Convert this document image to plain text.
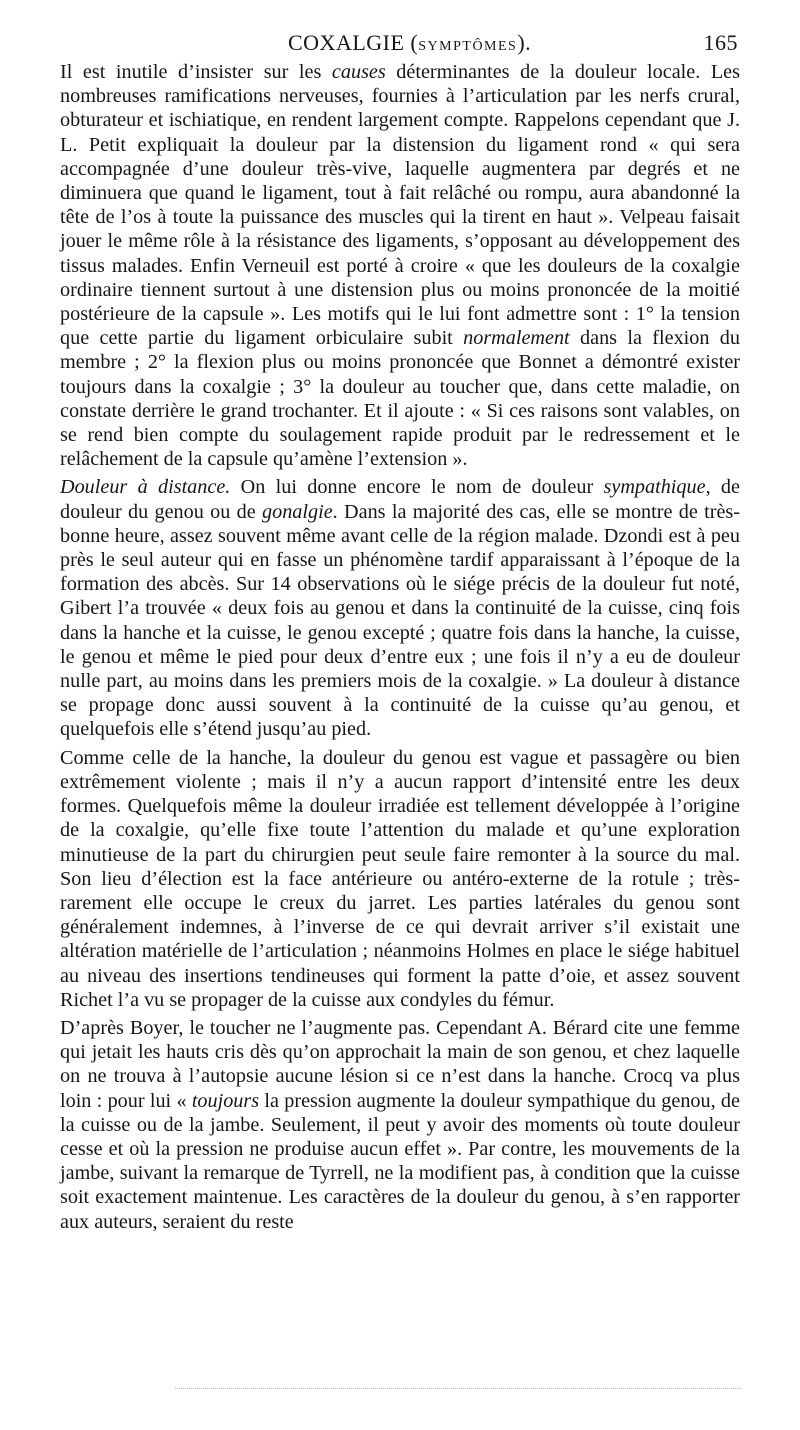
COXALGIE (SYMPTÔMES).	165

Il est inutile d’insister sur les causes déterminantes de la douleur locale. Les nombreuses ramifications nerveuses, fournies à l’articulation par les nerfs crural, obturateur et ischiatique, en rendent largement compte. Rappelons cependant que J. L. Petit expliquait la douleur par la distension du ligament rond « qui sera accompagnée d’une douleur très-vive, laquelle augmentera par degrés et ne diminuera que quand le ligament, tout à fait relâché ou rompu, aura abandonné la tête de l’os à toute la puissance des muscles qui la tirent en haut ». Velpeau faisait jouer le même rôle à la résistance des ligaments, s’opposant au développement des tissus malades. Enfin Verneuil est porté à croire « que les douleurs de la coxalgie ordinaire tiennent surtout à une distension plus ou moins prononcée de la moitié postérieure de la capsule ». Les motifs qui le lui font admettre sont : 1° la tension que cette partie du ligament orbiculaire subit normalement dans la flexion du membre ; 2° la flexion plus ou moins prononcée que Bonnet a démontré exister toujours dans la coxalgie ; 3° la douleur au toucher que, dans cette maladie, on constate derrière le grand trochanter. Et il ajoute : « Si ces raisons sont valables, on se rend bien compte du soulagement rapide produit par le redressement et le relâchement de la capsule qu’amène l’extension ».

Douleur à distance. On lui donne encore le nom de douleur sympathique, de douleur du genou ou de gonalgie. Dans la majorité des cas, elle se montre de très-bonne heure, assez souvent même avant celle de la région malade. Dzondi est à peu près le seul auteur qui en fasse un phénomène tardif apparaissant à l’époque de la formation des abcès. Sur 14 observations où le siége précis de la douleur fut noté, Gibert l’a trouvée « deux fois au genou et dans la continuité de la cuisse, cinq fois dans la hanche et la cuisse, le genou excepté ; quatre fois dans la hanche, la cuisse, le genou et même le pied pour deux d’entre eux ; une fois il n’y a eu de douleur nulle part, au moins dans les premiers mois de la coxalgie. » La douleur à distance se propage donc aussi souvent à la continuité de la cuisse qu’au genou, et quelquefois elle s’étend jusqu’au pied.

Comme celle de la hanche, la douleur du genou est vague et passagère ou bien extrêmement violente ; mais il n’y a aucun rapport d’intensité entre les deux formes. Quelquefois même la douleur irradiée est tellement développée à l’origine de la coxalgie, qu’elle fixe toute l’attention du malade et qu’une exploration minutieuse de la part du chirurgien peut seule faire remonter à la source du mal. Son lieu d’élection est la face antérieure ou antéro-externe de la rotule ; très-rarement elle occupe le creux du jarret. Les parties latérales du genou sont généralement indemnes, à l’inverse de ce qui devrait arriver s’il existait une altération matérielle de l’articulation ; néanmoins Holmes en place le siége habituel au niveau des insertions tendineuses qui forment la patte d’oie, et assez souvent Richet l’a vu se propager de la cuisse aux condyles du fémur.

D’après Boyer, le toucher ne l’augmente pas. Cependant A. Bérard cite une femme qui jetait les hauts cris dès qu’on approchait la main de son genou, et chez laquelle on ne trouva à l’autopsie aucune lésion si ce n’est dans la hanche. Crocq va plus loin : pour lui « toujours la pression augmente la douleur sympathique du genou, de la cuisse ou de la jambe. Seulement, il peut y avoir des moments où toute douleur cesse et où la pression ne produise aucun effet ». Par contre, les mouvements de la jambe, suivant la remarque de Tyrrell, ne la modifient pas, à condition que la cuisse soit exactement maintenue. Les caractères de la douleur du genou, à s’en rapporter aux auteurs, seraient du reste
